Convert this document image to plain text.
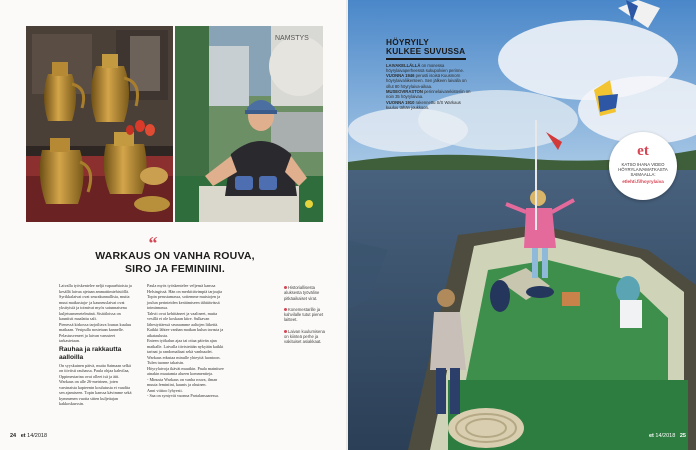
NAMSTYS
“
WARKAUS ON VANHA ROUVA,
SIRO JA FEMINIINI.

Laivalla työskentelee neljä vapaaehtoista ja kesällä laivaa ajetaan ammattimiehistöllä. Syrikkalaivat ovat seurakunnallisia, mutta muut matkustaja- ja kauneuslaivat ovat yksityisiä ja toimivat myös satunnaisena kuljetusmenetelmänä. Sisätiloissa on kauniisti maalattu sali.

Pienessä kirkossa tarjoiltava lounas kuuluu matkaan. Vesipulla nostetaan kannelle. Pelastusveneet ja laivan varusteet tarkastetaan.

Rauhaa ja rakkautta aalloilla

On syyskuinen päivä, mutta Saimaan selkä on tiiviisti rauhassa. Paula ohjaa kahvilaa, Oppimestarina ovat olleet isä ja äiti.

Warkaus on alle 26-metrinen, joten varsinaista kapteenin koulutusta ei vaadita sen ajamiseen. Topin kanssa kävimme sekä kymmenen vuotta sitten kuljettajan kakkoskurssin.

Paula myös työskentelee veljensä kanssa Helsingissä. Hän on merkittävimpiä tarjoajia Topin perustamassa, sotiemme muistojen ja joulun perinteiden keräämiseen tähtäävässä toiminnassa.

Tahvit ovat kehittäneet ja vaalineet, mutta vesillä ei ole koskaan kiire. Sulkavan lähestyttäessä seuraamme aaltojen liikettä. Kaikki lähtee vanhan matkan kulun tavasta ja aikataulusta.

Enteen työkalun ajaa tai ottaa päivän ajan matkalle. Laivalla tiivistetään nykyään kaikki tarinat ja randomaltaat sekä vanhuudet. Warkaus edustaa minulle yhteyttä luontoon. Tulen tuonne takaisin.

Höyrylaivoja ikävät muutkin. Paula mainitsee ainakin muutamia alueen kommentteja.

- Minusta Warkaus on vanha rouva, ilman muuta feminiini, kaunis ja ohuinen.

Anni viittoo lyhyesti.

- Saa on syntyvät vuonna Partalansaaressa.

Historiallisesta aluksesta työväline pitkäaikaiset virat.

Konemestarille ja kahvilalle tutut pienet laitteet.

Laivan kuulumisena on kiinteä perhe ja vakituiset asiakkaat.

24 et 14/2018
HÖYRYILY
KULKEE SUVUSSA

LAIVAKELLÄLLÄ on monessa höyrylaivaperheessä sukupolvien perinne.

VUONNA 1946 perusti isoisä Kuusmorn höyrylaivaliikenteen. Sen jälkeen laivalla on ollut 80 höyrylaiva-aikaa.

MUSEOVIRASTON perinnelaivarekisteriin on noin 35 höyrylaivaa.

VUONNA 1910 rakennettu S/S Warkaus kuuluu tähän joukkoon.

et 14/2018 25
et
KATSO IHANA VIDEO HÖYRYLAIVAMATKASTA SAIMAALLA:
etlehti.fi/hoyrylaiva
